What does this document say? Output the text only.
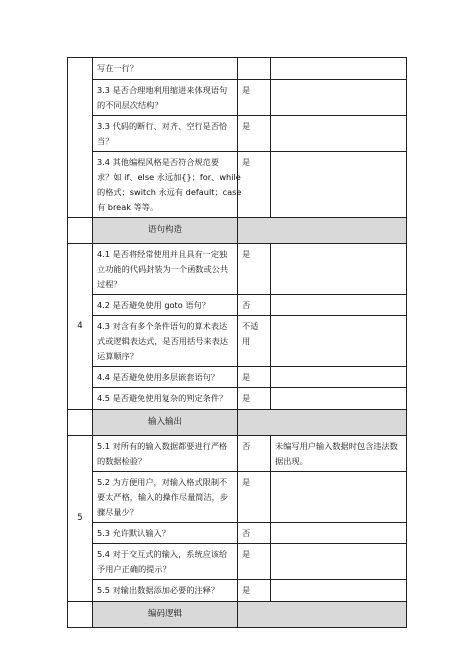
	写在一行？		

	3.3 是否合理地利用缩进来体现语句
的不同层次结构？	是	

	3.3 代码的断行、对齐、空行是否恰
当？	是	

	3.4 其他编程风格是否符合规范要
求？如 if、else 永远加{}；for、while
的格式；switch 永远有 default；case
有 break 等等。	是	
	语句构造		
4	4.1 是否将经常使用并且具有一定独
立功能的代码封装为一个函数或公共
过程？	是	

	4.2 是否避免使用 goto 语句？	否	

	4.3 对含有多个条件语句的算术表达
式或逻辑表达式，是否用括号来表达
运算顺序？	不适用	

	4.4 是否避免使用多层嵌套语句？	是	

	4.5 是否避免使用复杂的判定条件？	是	
	输入输出		
5	5.1 对所有的输入数据都要进行严格
的数据检验？	否	未编写用户输入数据时包含违法数
据出现。

	5.2 为方便用户，对输入格式限制不
要太严格，输入的操作尽量简洁，步
骤尽量少？	是	

	5.3 允许默认输入？	否	

	5.4 对于交互式的输入，系统应该给
予用户正确的提示？	是	

	5.5 对输出数据添加必要的注释？	是	
	编码逻辑		
